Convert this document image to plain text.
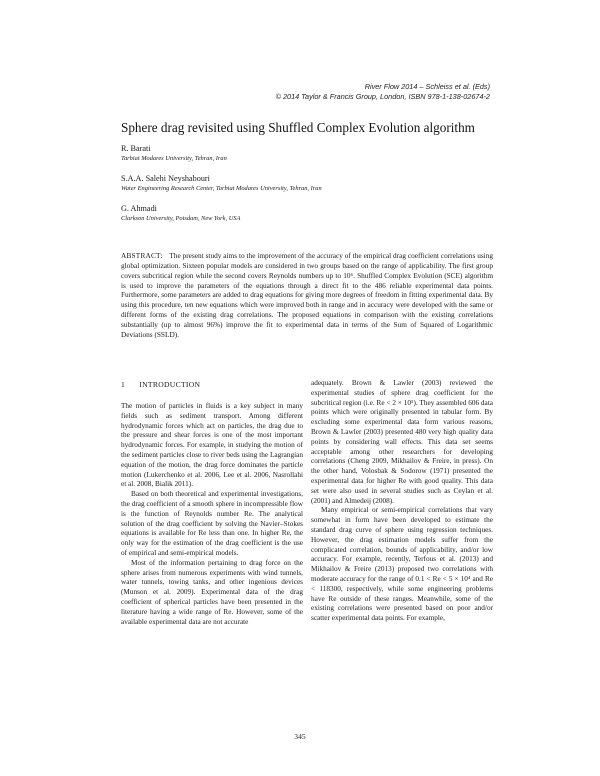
River Flow 2014 – Schleiss et al. (Eds)
© 2014 Taylor & Francis Group, London, ISBN 978-1-138-02674-2
Sphere drag revisited using Shuffled Complex Evolution algorithm
R. Barati
Tarbiat Modares University, Tehran, Iran
S.A.A. Salehi Neyshabouri
Water Engineering Research Center, Tarbiat Modares University, Tehran, Iran
G. Ahmadi
Clarkson University, Potsdam, New York, USA
ABSTRACT: The present study aims to the improvement of the accuracy of the empirical drag coefficient correlations using global optimization. Sixteen popular models are considered in two groups based on the range of applicability. The first group covers subcritical region while the second covers Reynolds numbers up to 10⁶. Shuffled Complex Evolution (SCE) algorithm is used to improve the parameters of the equations through a direct fit to the 486 reliable experimental data points. Furthermore, some parameters are added to drag equations for giving more degrees of freedom in fitting experimental data. By using this procedure, ten new equations which were improved both in range and in accuracy were developed with the same or different forms of the existing drag correlations. The proposed equations in comparison with the existing correlations substantially (up to almost 96%) improve the fit to experimental data in terms of the Sum of Squared of Logarithmic Deviations (SSLD).
1 INTRODUCTION

The motion of particles in fluids is a key subject in many fields such as sediment transport. Among different hydrodynamic forces which act on particles, the drag due to the pressure and shear forces is one of the most important hydrodynamic forces. For example, in studying the motion of the sediment particles close to river beds using the Lagrangian equation of the motion, the drag force dominates the particle motion (Lukerchenko et al. 2006, Lee et al. 2006, Nasrollahi et al. 2008, Bialik 2011).

Based on both theoretical and experimental investigations, the drag coefficient of a smooth sphere in incompressible flow is the function of Reynolds number Re. The analytical solution of the drag coefficient by solving the Navier–Stokes equations is available for Re less than one. In higher Re, the only way for the estimation of the drag coefficient is the use of empirical and semi-empirical models.

Most of the information pertaining to drag force on the sphere arises from numerous experiments with wind tunnels, water tunnels, towing tanks, and other ingenious devices (Munson et al. 2009). Experimental data of the drag coefficient of spherical particles have been presented in the literature having a wide range of Re. However, some of the available experimental data are not accurate

adequately. Brown & Lawler (2003) reviewed the experimental studies of sphere drag coefficient for the subcritical region (i.e. Re < 2 × 10⁵). They assembled 606 data points which were originally presented in tabular form. By excluding some experimental data form various reasons, Brown & Lawler (2003) presented 480 very high quality data points by considering wall effects. This data set seems acceptable among other researchers for developing correlations (Cheng 2009, Mikhailov & Freire, in press). On the other hand, Volosbak & Sodorow (1971) presented the experimental data for higher Re with good quality. This data set were also used in several studies such as Ceylan et al. (2001) and Almedeij (2008).

Many empirical or semi-empirical correlations that vary somewhat in form have been developed to estimate the standard drag curve of sphere using regression techniques. However, the drag estimation models suffer from the complicated correlation, bounds of applicability, and/or low accuracy. For example, recently, Terfous et al. (2013) and Mikhailov & Freire (2013) proposed two correlations with moderate accuracy for the range of 0.1 < Re < 5 × 10⁴ and Re < 118300, respectively, while some engineering problems have Re outside of these ranges. Meanwhile, some of the existing correlations were presented based on poor and/or scatter experimental data points. For example,

345
